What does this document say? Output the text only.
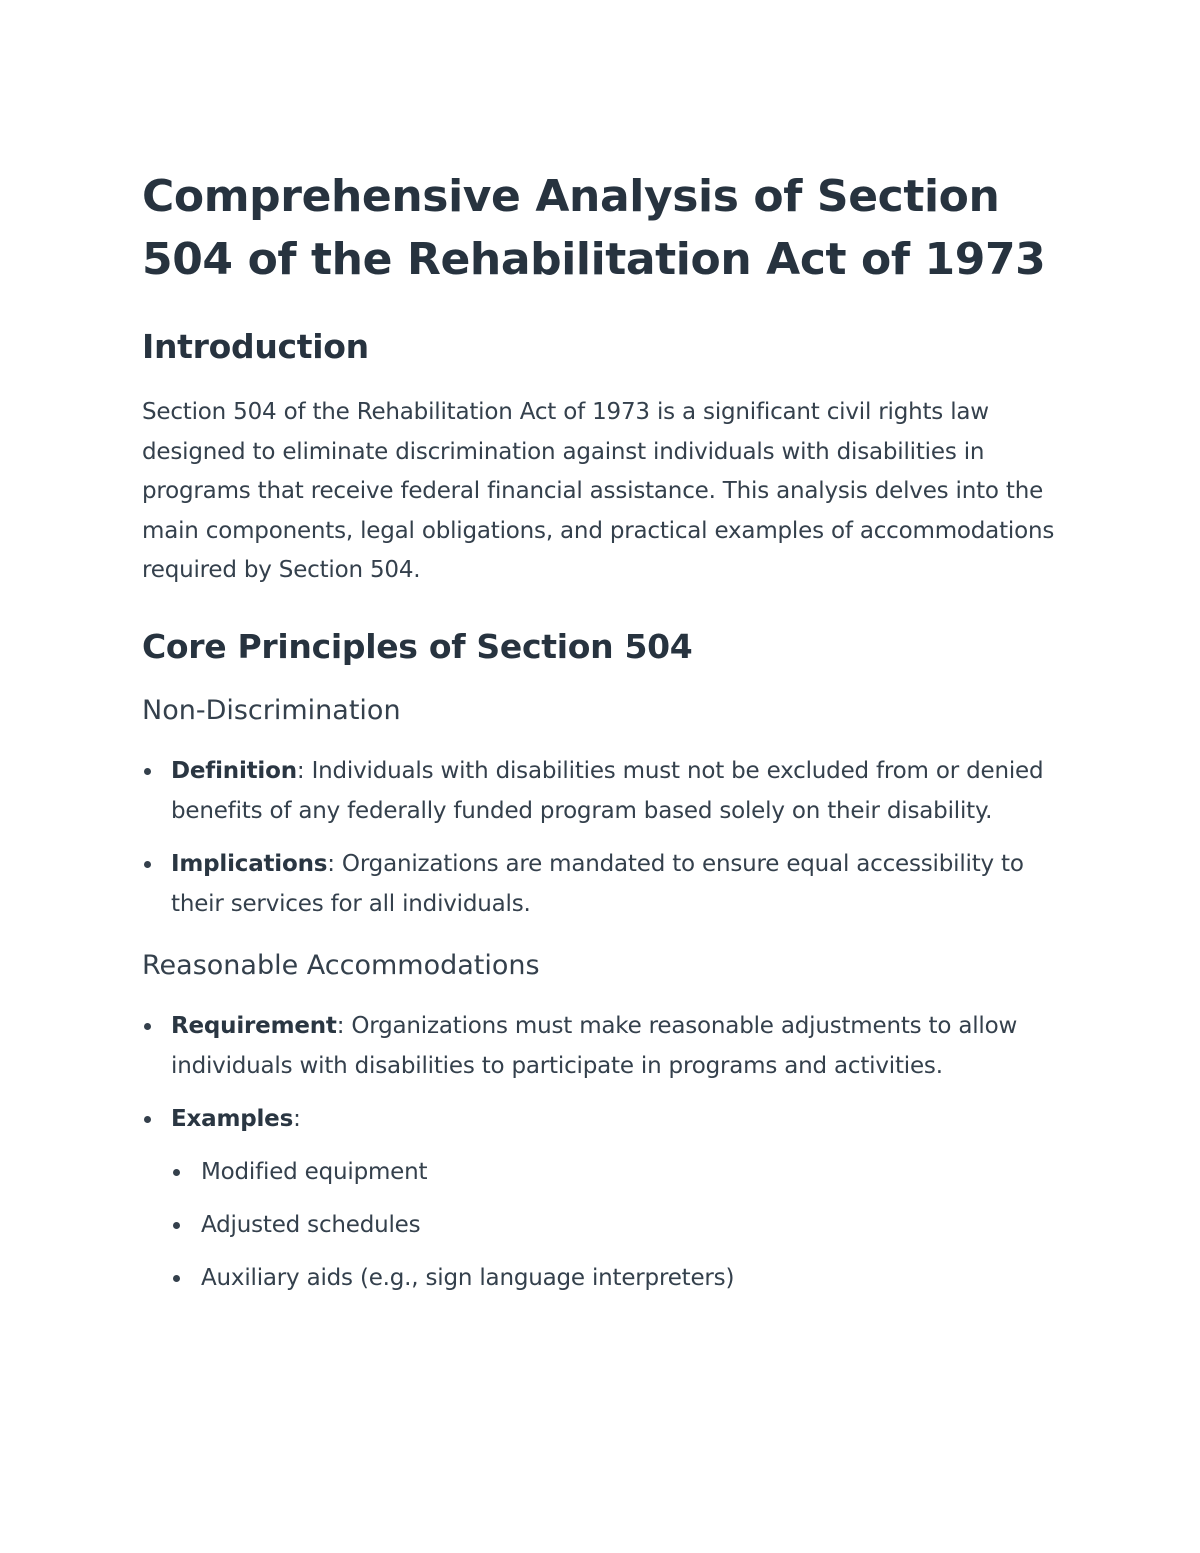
Comprehensive Analysis of Section 504 of the Rehabilitation Act of 1973
Introduction

Section 504 of the Rehabilitation Act of 1973 is a significant civil rights law designed to eliminate discrimination against individuals with disabilities in programs that receive federal financial assistance. This analysis delves into the main components, legal obligations, and practical examples of accommodations required by Section 504.

Core Principles of Section 504
Non-Discrimination
Definition: Individuals with disabilities must not be excluded from or denied benefits of any federally funded program based solely on their disability.
Implications: Organizations are mandated to ensure equal accessibility to their services for all individuals.
Reasonable Accommodations
Requirement: Organizations must make reasonable adjustments to allow individuals with disabilities to participate in programs and activities.
Examples:
Modified equipment
Adjusted schedules
Auxiliary aids (e.g., sign language interpreters)
